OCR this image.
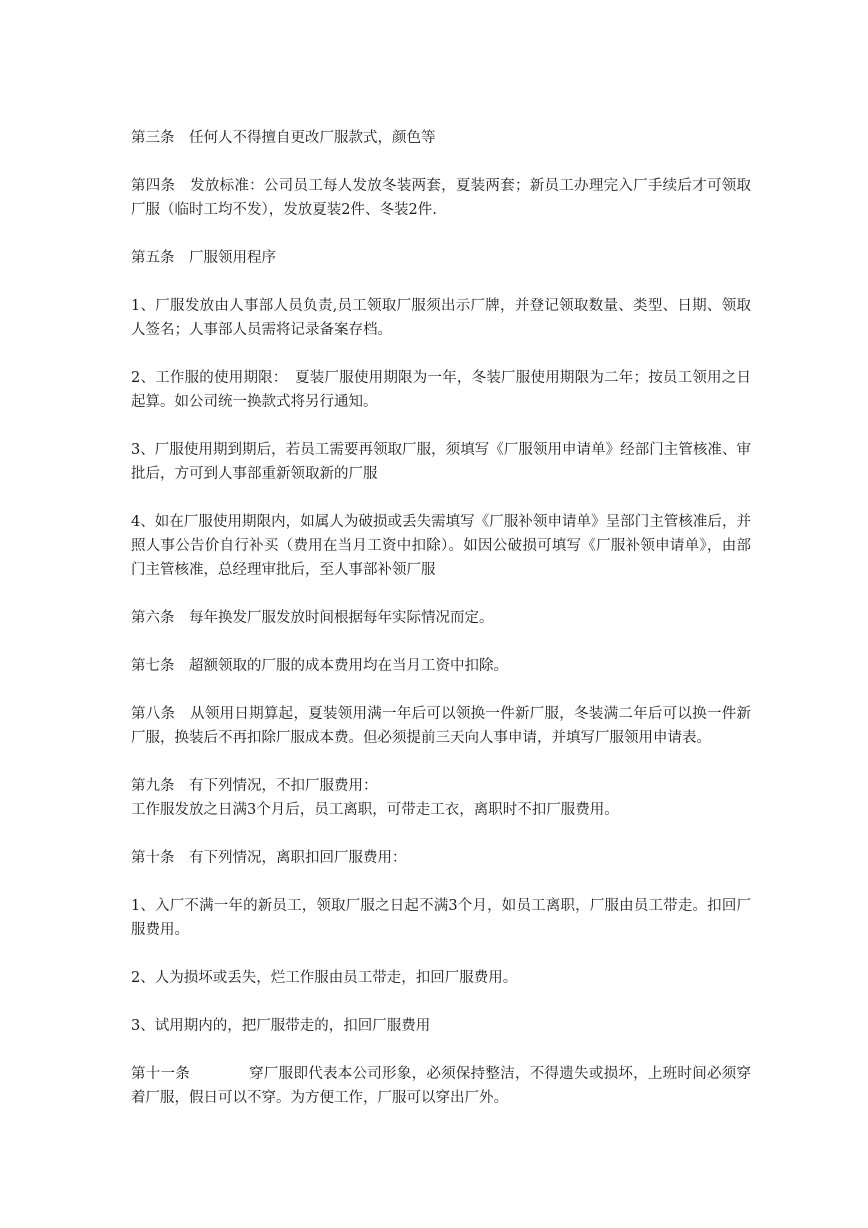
第三条　任何人不得擅自更改厂服款式，颜色等

第四条　发放标准：公司员工每人发放冬装两套，夏装两套；新员工办理完入厂手续后才可领取厂服（临时工均不发），发放夏装2件、冬装2件.

第五条　厂服领用程序

1、厂服发放由人事部人员负责,员工领取厂服须出示厂牌，并登记领取数量、类型、日期、领取人签名；人事部人员需将记录备案存档。

2、工作服的使用期限：　夏装厂服使用期限为一年，冬装厂服使用期限为二年；按员工领用之日起算。如公司统一换款式将另行通知。

3、厂服使用期到期后，若员工需要再领取厂服，须填写《厂服领用申请单》经部门主管核准、审批后，方可到人事部重新领取新的厂服

4、如在厂服使用期限内，如属人为破损或丢失需填写《厂服补领申请单》呈部门主管核准后，并照人事公告价自行补买（费用在当月工资中扣除）。如因公破损可填写《厂服补领申请单》，由部门主管核准，总经理审批后，至人事部补领厂服

第六条　每年换发厂服发放时间根据每年实际情况而定。

第七条　超额领取的厂服的成本费用均在当月工资中扣除。

第八条　从领用日期算起，夏装领用满一年后可以领换一件新厂服，冬装满二年后可以换一件新厂服，换装后不再扣除厂服成本费。但必须提前三天向人事申请，并填写厂服领用申请表。

第九条　有下列情况，不扣厂服费用：

工作服发放之日满3个月后，员工离职，可带走工衣，离职时不扣厂服费用。

第十条　有下列情况，离职扣回厂服费用：

1、入厂不满一年的新员工，领取厂服之日起不满3个月，如员工离职，厂服由员工带走。扣回厂服费用。

2、人为损坏或丢失，烂工作服由员工带走，扣回厂服费用。

3、试用期内的，把厂服带走的，扣回厂服费用

第十一条　　　　穿厂服即代表本公司形象，必须保持整洁，不得遗失或损坏，上班时间必须穿着厂服，假日可以不穿。为方便工作，厂服可以穿出厂外。
